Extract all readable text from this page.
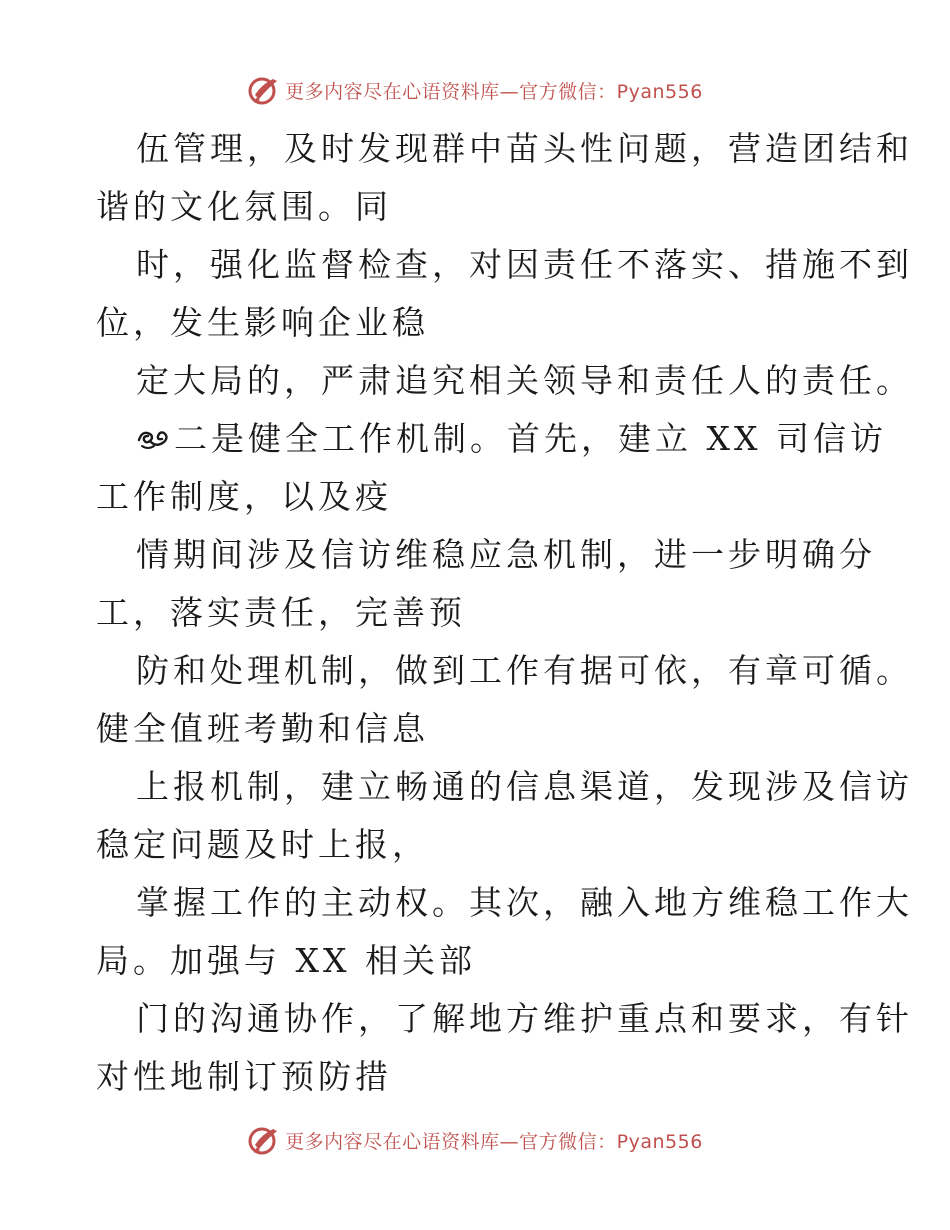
更多内容尽在心语资料库—官方微信：Pyan556
伍管理，及时发现群中苗头性问题，营造团结和
谐的文化氛围。同
时，强化监督检查，对因责任不落实、措施不到
位，发生影响企业稳
定大局的，严肃追究相关领导和责任人的责任。
二是健全工作机制。首先，建立 XX 司信访
工作制度，以及疫
情期间涉及信访维稳应急机制，进一步明确分
工，落实责任，完善预
防和处理机制，做到工作有据可依，有章可循。
健全值班考勤和信息
上报机制，建立畅通的信息渠道，发现涉及信访
稳定问题及时上报，
掌握工作的主动权。其次，融入地方维稳工作大
局。加强与 XX 相关部
门的沟通协作，了解地方维护重点和要求，有针
对性地制订预防措
更多内容尽在心语资料库—官方微信：Pyan556
